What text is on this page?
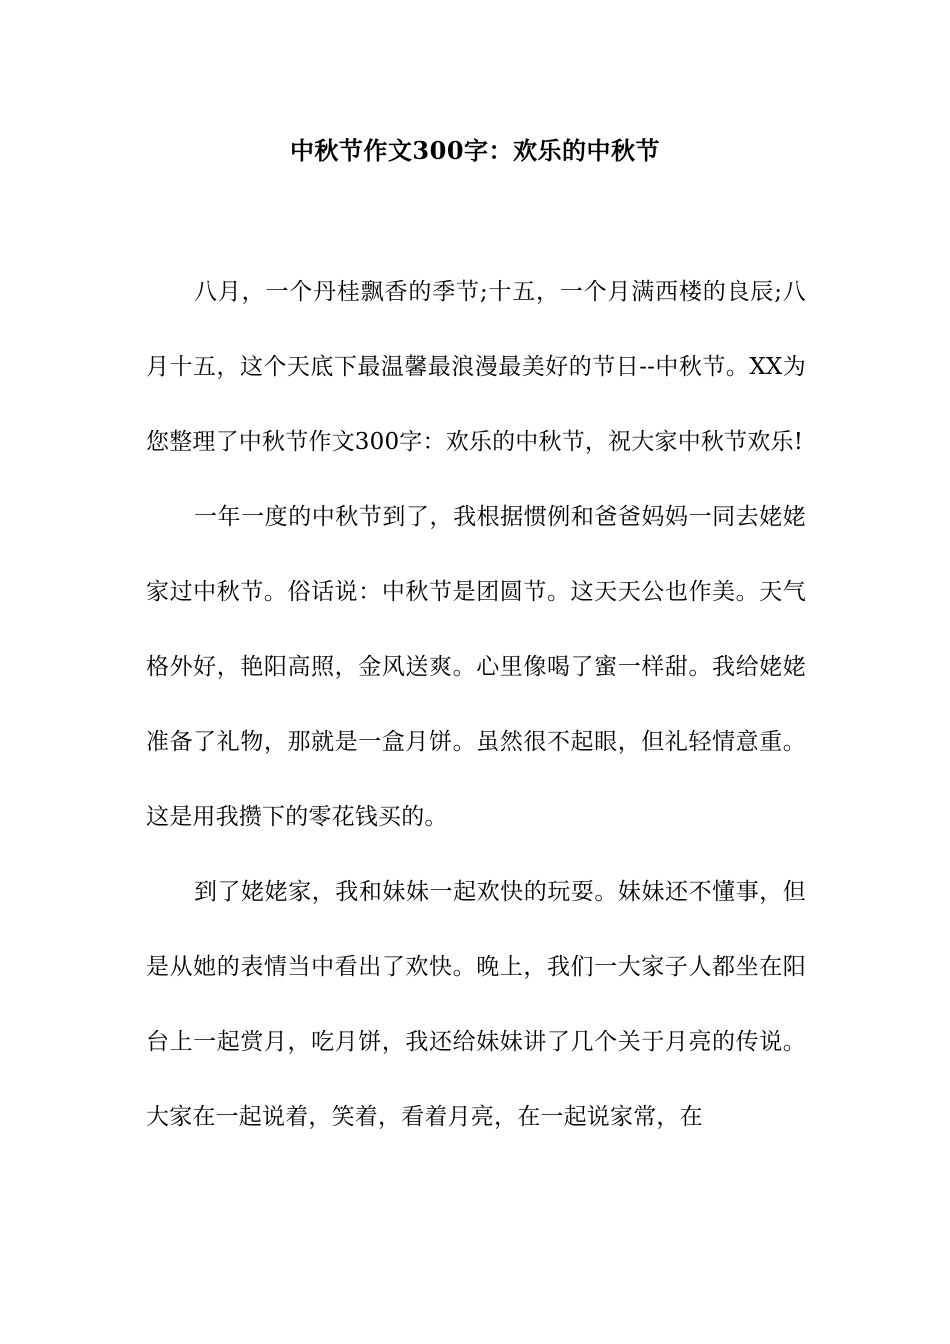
中秋节作文300字：欢乐的中秋节

八月，一个丹桂飘香的季节;十五，一个月满西楼的良辰;八月十五，这个天底下最温馨最浪漫最美好的节日--中秋节。XX为您整理了中秋节作文300字：欢乐的中秋节，祝大家中秋节欢乐!

一年一度的中秋节到了，我根据惯例和爸爸妈妈一同去姥姥家过中秋节。俗话说：中秋节是团圆节。这天天公也作美。天气格外好，艳阳高照，金风送爽。心里像喝了蜜一样甜。我给姥姥准备了礼物，那就是一盒月饼。虽然很不起眼，但礼轻情意重。这是用我攒下的零花钱买的。

到了姥姥家，我和妹妹一起欢快的玩耍。妹妹还不懂事，但是从她的表情当中看出了欢快。晚上，我们一大家子人都坐在阳台上一起赏月，吃月饼，我还给妹妹讲了几个关于月亮的传说。大家在一起说着，笑着，看着月亮，在一起说家常，在
